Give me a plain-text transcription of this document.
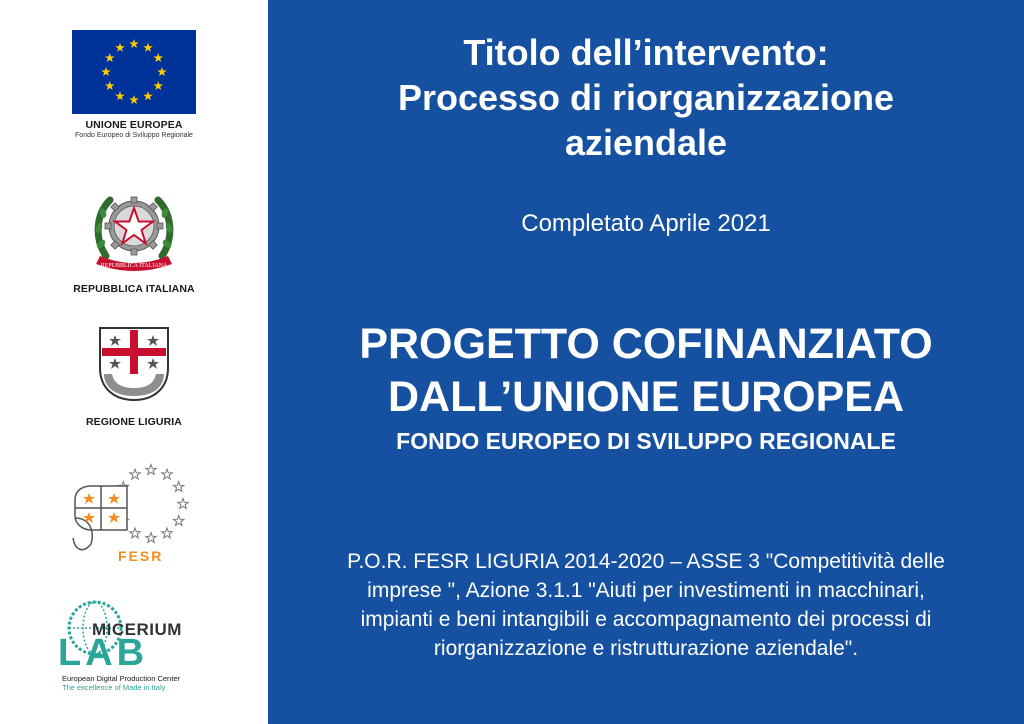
UNIONE EUROPEA
Fondo Europeo di Sviluppo Regionale
REPUBBLICA ITALIANA
REPUBBLICA ITALIANA
REGIONE LIGURIA
FESR
MICERIUM
LAB
European Digital Production Center
The excellence of Made in Italy
Titolo dell’intervento:
Processo di riorganizzazione
aziendale
Completato Aprile 2021
PROGETTO COFINANZIATO
DALL’UNIONE EUROPEA
FONDO EUROPEO DI SVILUPPO REGIONALE
P.O.R. FESR LIGURIA 2014-2020 – ASSE 3 "Competitività delle
imprese ", Azione 3.1.1 "Aiuti per investimenti in macchinari,
impianti e beni intangibili e accompagnamento dei processi di
riorganizzazione e ristrutturazione aziendale".
